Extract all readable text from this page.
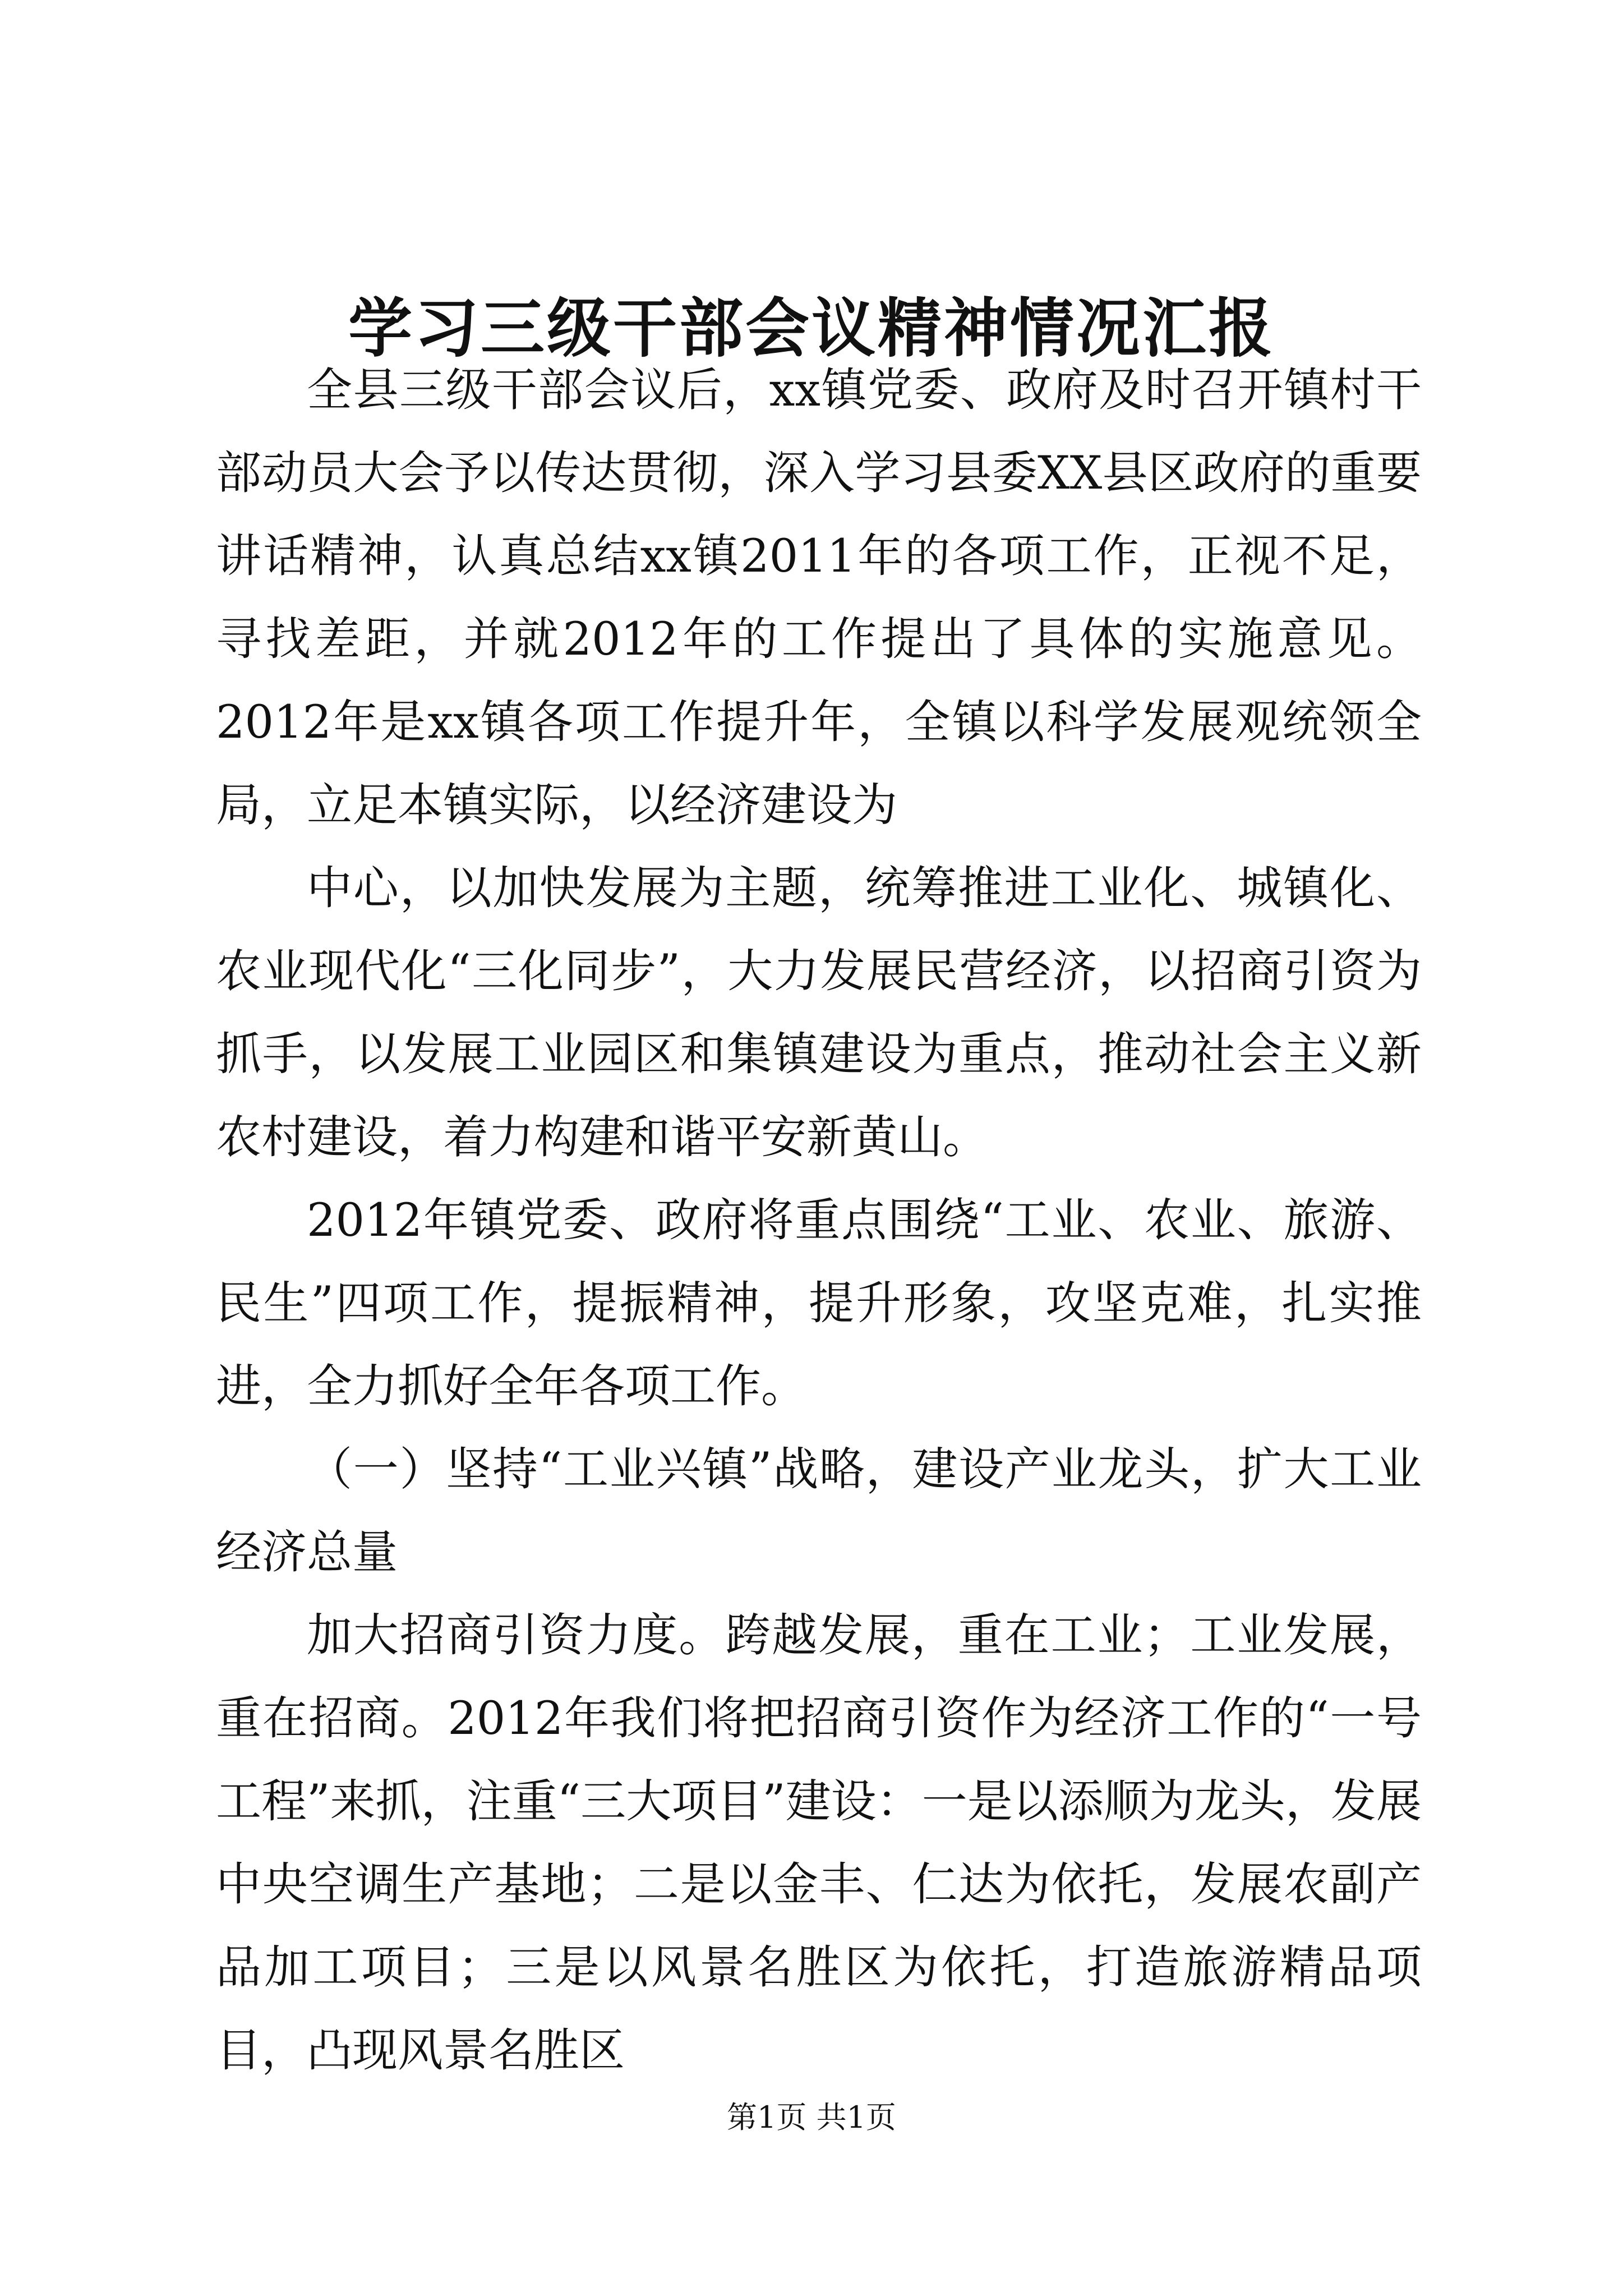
学习三级干部会议精神情况汇报

全县三级干部会议后，xx镇党委、政府及时召开镇村干部动员大会予以传达贯彻，深入学习县委XX县区政府的重要讲话精神，认真总结xx镇2011年的各项工作，正视不足，寻找差距，并就2012年的工作提出了具体的实施意见。2012年是xx镇各项工作提升年，全镇以科学发展观统领全局，立足本镇实际，以经济建设为

中心，以加快发展为主题，统筹推进工业化、城镇化、农业现代化“三化同步”，大力发展民营经济，以招商引资为抓手，以发展工业园区和集镇建设为重点，推动社会主义新农村建设，着力构建和谐平安新黄山。

2012年镇党委、政府将重点围绕“工业、农业、旅游、民生”四项工作，提振精神，提升形象，攻坚克难，扎实推进，全力抓好全年各项工作。

（一）坚持“工业兴镇”战略，建设产业龙头，扩大工业经济总量

加大招商引资力度。跨越发展，重在工业；工业发展，重在招商。2012年我们将把招商引资作为经济工作的“一号工程”来抓，注重“三大项目”建设：一是以添顺为龙头，发展中央空调生产基地；二是以金丰、仁达为依托，发展农副产品加工项目；三是以风景名胜区为依托，打造旅游精品项目，凸现风景名胜区

第1页 共1页
